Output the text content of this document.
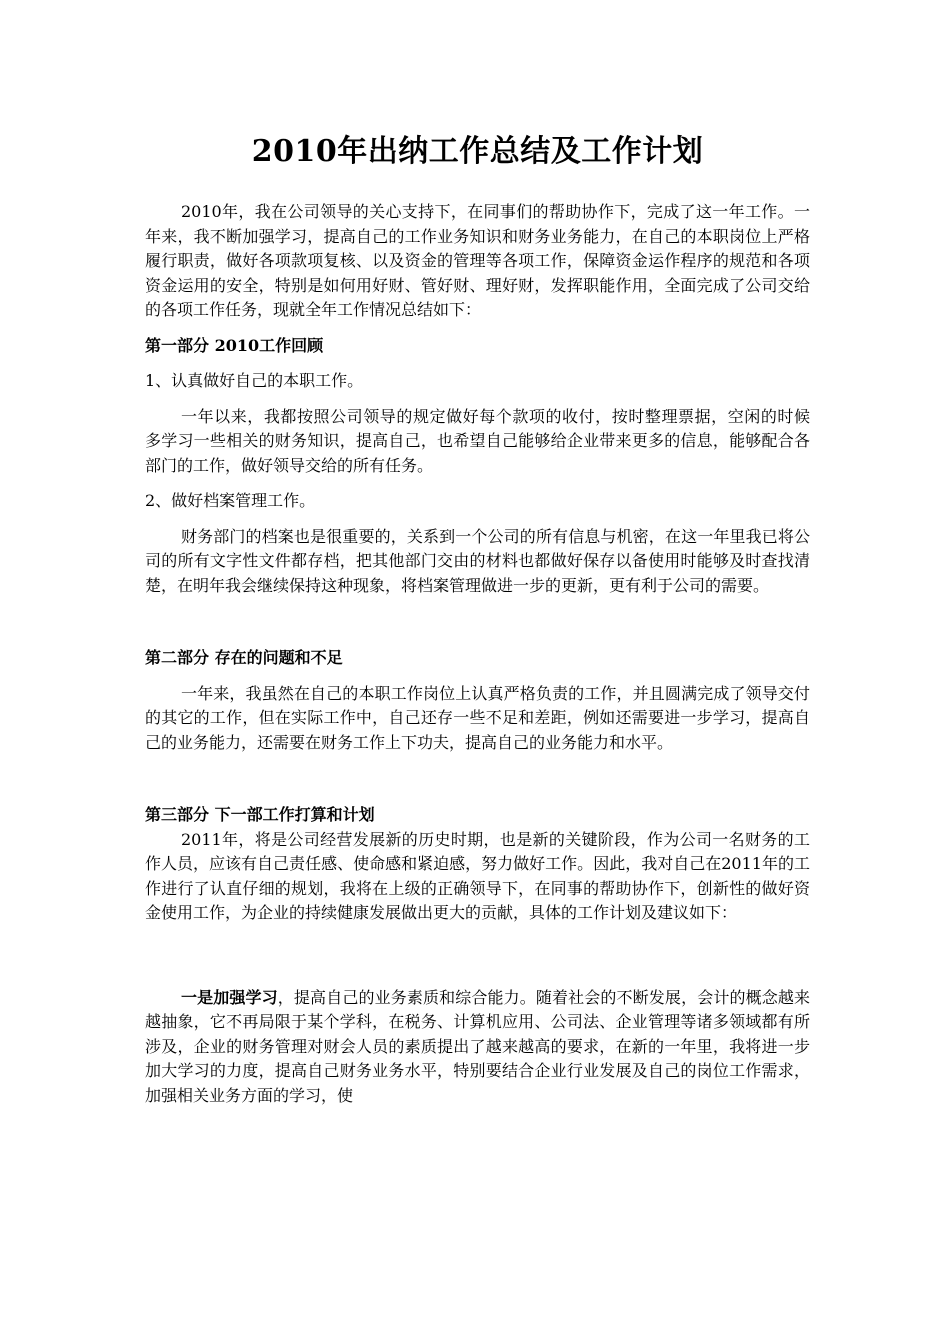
2010年出纳工作总结及工作计划

2010年，我在公司领导的关心支持下，在同事们的帮助协作下，完成了这一年工作。一年来，我不断加强学习，提高自己的工作业务知识和财务业务能力，在自己的本职岗位上严格履行职责，做好各项款项复核、以及资金的管理等各项工作，保障资金运作程序的规范和各项资金运用的安全，特别是如何用好财、管好财、理好财，发挥职能作用，全面完成了公司交给的各项工作任务，现就全年工作情况总结如下：

第一部分 2010工作回顾

1、认真做好自己的本职工作。

一年以来，我都按照公司领导的规定做好每个款项的收付，按时整理票据，空闲的时候 多学习一些相关的财务知识，提高自己，也希望自己能够给企业带来更多的信息，能够配合各部门的工作，做好领导交给的所有任务。

2、做好档案管理工作。

财务部门的档案也是很重要的，关系到一个公司的所有信息与机密，在这一年里我已将公司的所有文字性文件都存档，把其他部门交由的材料也都做好保存以备使用时能够及时查找清楚，在明年我会继续保持这种现象，将档案管理做进一步的更新，更有利于公司的需要。

第二部分 存在的问题和不足

一年来，我虽然在自己的本职工作岗位上认真严格负责的工作，并且圆满完成了领导交付的其它的工作，但在实际工作中，自己还存一些不足和差距，例如还需要进一步学习，提高自己的业务能力，还需要在财务工作上下功夫，提高自己的业务能力和水平。

第三部分 下一部工作打算和计划

2011年，将是公司经营发展新的历史时期，也是新的关键阶段，作为公司一名财务的工作人员，应该有自己责任感、使命感和紧迫感，努力做好工作。因此，我对自己在2011年的工作进行了认直仔细的规划，我将在上级的正确领导下，在同事的帮助协作下，创新性的做好资金使用工作，为企业的持续健康发展做出更大的贡献，具体的工作计划及建议如下：

一是加强学习，提高自己的业务素质和综合能力。随着社会的不断发展，会计的概念越来越抽象，它不再局限于某个学科，在税务、计算机应用、公司法、企业管理等诸多领域都有所涉及，企业的财务管理对财会人员的素质提出了越来越高的要求，在新的一年里，我将进一步加大学习的力度，提高自己财务业务水平，特别要结合企业行业发展及自己的岗位工作需求，加强相关业务方面的学习，使
